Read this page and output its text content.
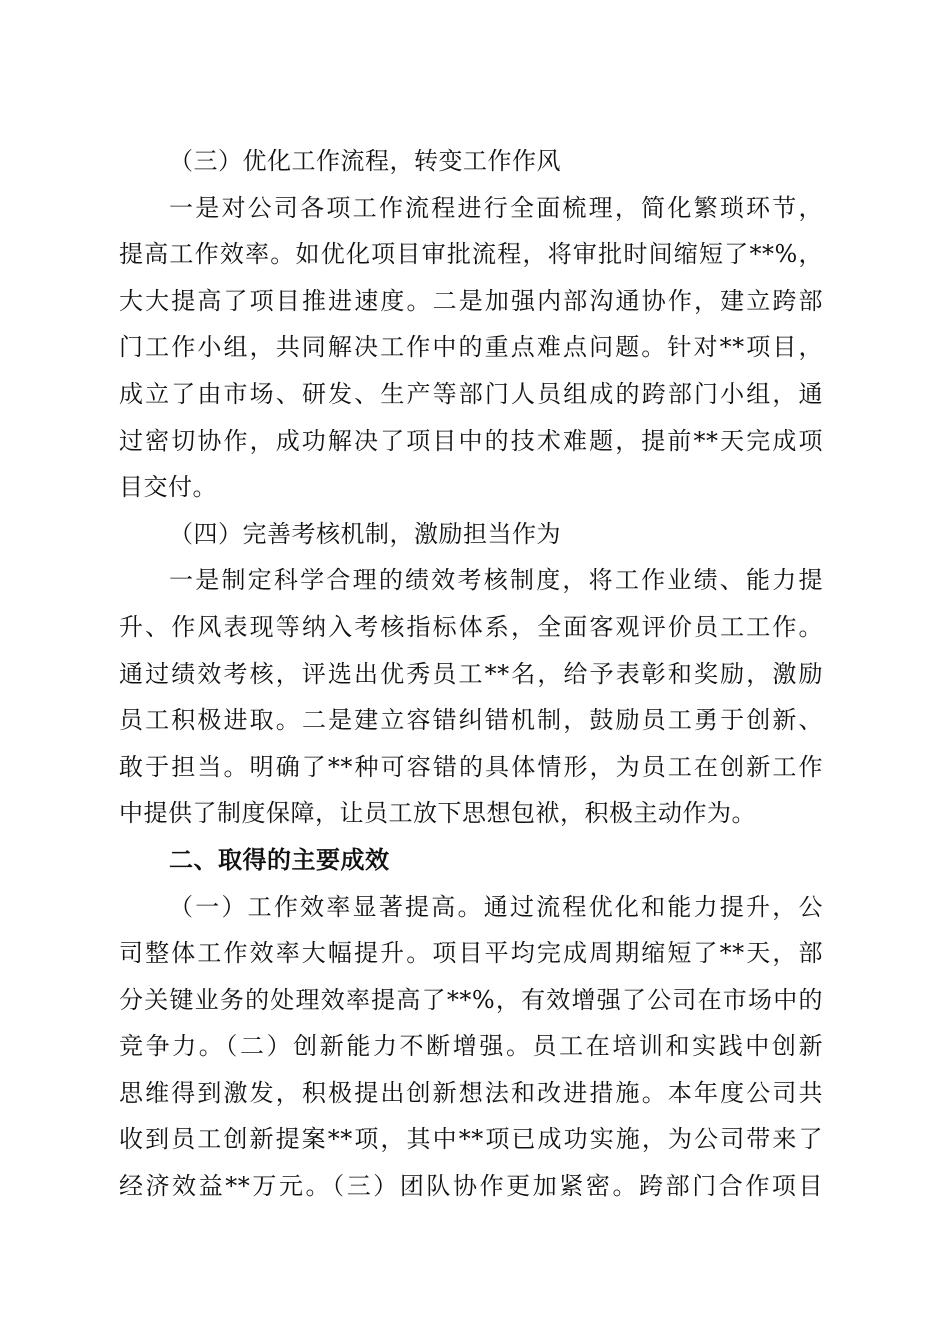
（三）优化工作流程，转变工作作风
一是对公司各项工作流程进行全面梳理，简化繁琐环节，
提高工作效率。如优化项目审批流程，将审批时间缩短了**%，
大大提高了项目推进速度。二是加强内部沟通协作，建立跨部
门工作小组，共同解决工作中的重点难点问题。针对**项目，
成立了由市场、研发、生产等部门人员组成的跨部门小组，通
过密切协作，成功解决了项目中的技术难题，提前**天完成项
目交付。
（四）完善考核机制，激励担当作为
一是制定科学合理的绩效考核制度，将工作业绩、能力提
升、作风表现等纳入考核指标体系，全面客观评价员工工作。
通过绩效考核，评选出优秀员工**名，给予表彰和奖励，激励
员工积极进取。二是建立容错纠错机制，鼓励员工勇于创新、
敢于担当。明确了**种可容错的具体情形，为员工在创新工作
中提供了制度保障，让员工放下思想包袱，积极主动作为。
二、取得的主要成效
（一）工作效率显著提高。通过流程优化和能力提升，公
司整体工作效率大幅提升。项目平均完成周期缩短了**天，部
分关键业务的处理效率提高了**%，有效增强了公司在市场中的
竞争力。（二）创新能力不断增强。员工在培训和实践中创新
思维得到激发，积极提出创新想法和改进措施。本年度公司共
收到员工创新提案**项，其中**项已成功实施，为公司带来了
经济效益**万元。（三）团队协作更加紧密。跨部门合作项目
